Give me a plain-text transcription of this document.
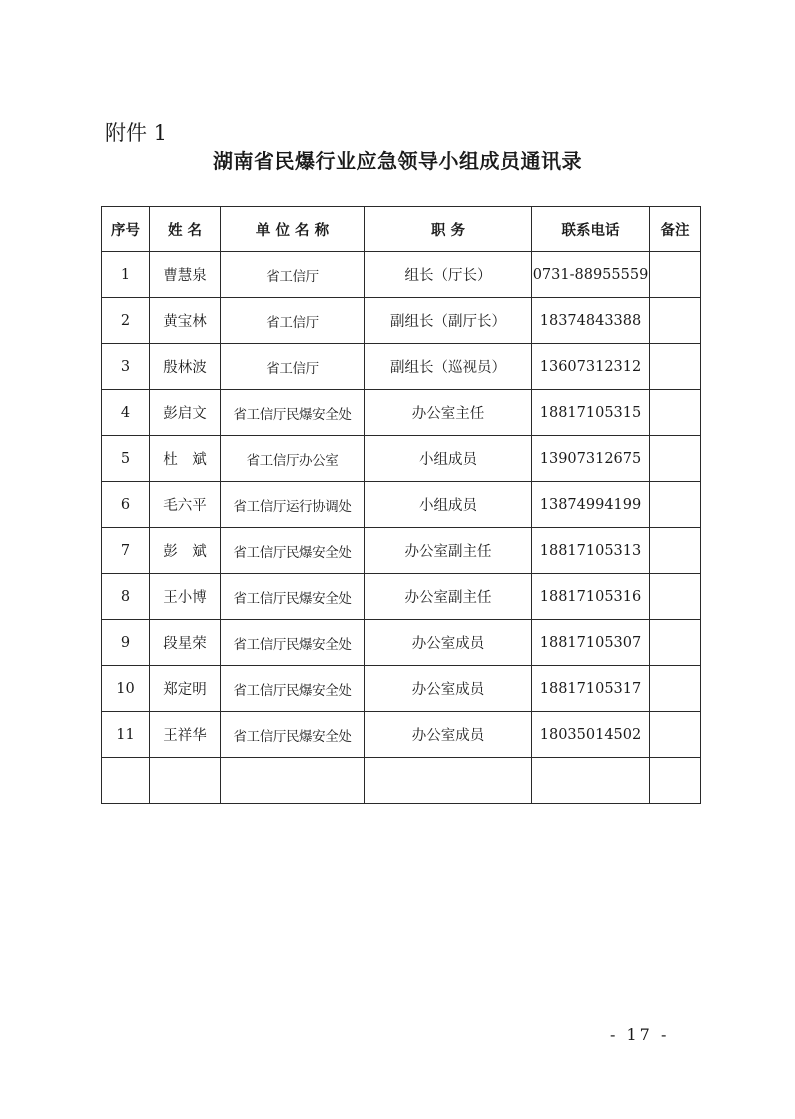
附件 1
湖南省民爆行业应急领导小组成员通讯录
序号	姓 名	单 位 名 称	职 务	联系电话	备注
1	曹慧泉	省工信厅	组长（厅长）	0731-88955559	
2	黄宝林	省工信厅	副组长（副厅长）	18374843388	
3	殷林波	省工信厅	副组长（巡视员）	13607312312	
4	彭启文	省工信厅民爆安全处	办公室主任	18817105315	
5	杜　斌	省工信厅办公室	小组成员	13907312675	
6	毛六平	省工信厅运行协调处	小组成员	13874994199	
7	彭　斌	省工信厅民爆安全处	办公室副主任	18817105313	
8	王小博	省工信厅民爆安全处	办公室副主任	18817105316	
9	段星荣	省工信厅民爆安全处	办公室成员	18817105307	
10	郑定明	省工信厅民爆安全处	办公室成员	18817105317	
11	王祥华	省工信厅民爆安全处	办公室成员	18035014502	

- 17 -
